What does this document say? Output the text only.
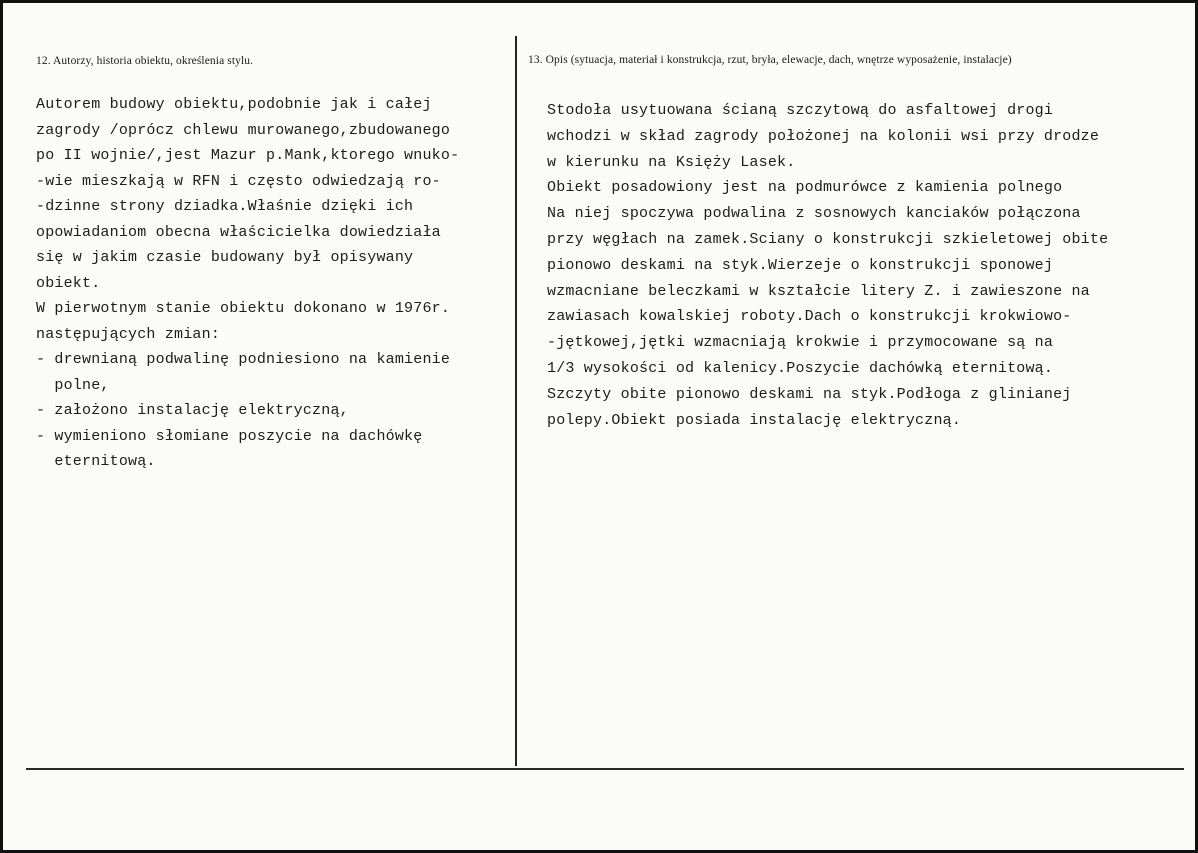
12. Autorzy, historia obiektu, określenia stylu.	13. Opis (sytuacja, materiał i konstrukcja, rzut, bryła, elewacje, dach, wnętrze wyposażenie, instalacje)
Autorem budowy obiektu,podobnie jak i całej
zagrody /oprócz chlewu murowanego,zbudowanego
po II wojnie/,jest Mazur p.Mank,ktorego wnuko-
-wie mieszkają w RFN i często odwiedzają ro-
-dzinne strony dziadka.Właśnie dzięki ich
opowiadaniom obecna właścicielka dowiedziała
się w jakim czasie budowany był opisywany
obiekt.
W pierwotnym stanie obiektu dokonano w 1976r.
następujących zmian:
- drewnianą podwalinę podniesiono na kamienie
polne,
- założono instalację elektryczną,
- wymieniono słomiane poszycie na dachówkę
eternitową.
Stodoła usytuowana ścianą szczytową do asfaltowej drogi
wchodzi w skład zagrody położonej na kolonii wsi przy drodze
w kierunku na Księży Lasek.
Obiekt posadowiony jest na podmurówce z kamienia polnego
Na niej spoczywa podwalina z sosnowych kanciaków połączona
przy węgłach na zamek.Sciany o konstrukcji szkieletowej obite
pionowo deskami na styk.Wierzeje o konstrukcji sponowej
wzmacniane beleczkami w kształcie litery Z. i zawieszone na
zawiasach kowalskiej roboty.Dach o konstrukcji krokwiowo-
-jętkowej,jętki wzmacniają krokwie i przymocowane są na
1/3 wysokości od kalenicy.Poszycie dachówką eternitową.
Szczyty obite pionowo deskami na styk.Podłoga z glinianej
polepy.Obiekt posiada instalację elektryczną.
